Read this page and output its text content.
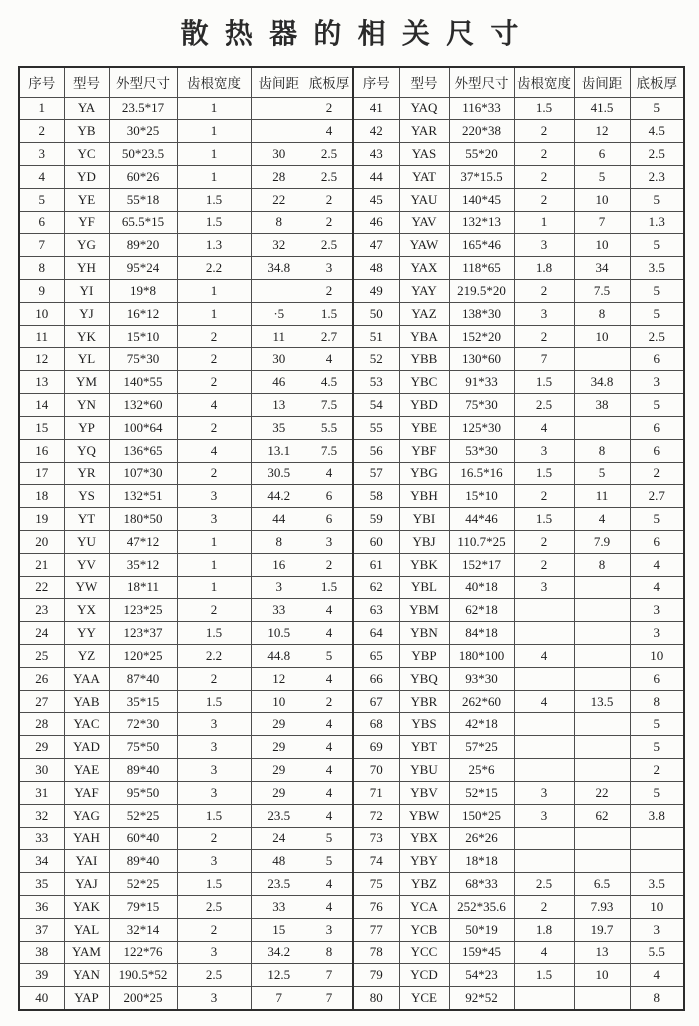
散热器的相关尺寸
序号	型号	外型尺寸	齿根宽度	齿间距	底板厚	序号	型号	外型尺寸	齿根宽度	齿间距	底板厚
1	YA	23.5*17	1		2	41	YAQ	116*33	1.5	41.5	5
2	YB	30*25	1		4	42	YAR	220*38	2	12	4.5
3	YC	50*23.5	1	30	2.5	43	YAS	55*20	2	6	2.5
4	YD	60*26	1	28	2.5	44	YAT	37*15.5	2	5	2.3
5	YE	55*18	1.5	22	2	45	YAU	140*45	2	10	5
6	YF	65.5*15	1.5	8	2	46	YAV	132*13	1	7	1.3
7	YG	89*20	1.3	32	2.5	47	YAW	165*46	3	10	5
8	YH	95*24	2.2	34.8	3	48	YAX	118*65	1.8	34	3.5
9	YI	19*8	1		2	49	YAY	219.5*20	2	7.5	5
10	YJ	16*12	1	·5	1.5	50	YAZ	138*30	3	8	5
11	YK	15*10	2	11	2.7	51	YBA	152*20	2	10	2.5
12	YL	75*30	2	30	4	52	YBB	130*60	7		6
13	YM	140*55	2	46	4.5	53	YBC	91*33	1.5	34.8	3
14	YN	132*60	4	13	7.5	54	YBD	75*30	2.5	38	5
15	YP	100*64	2	35	5.5	55	YBE	125*30	4		6
16	YQ	136*65	4	13.1	7.5	56	YBF	53*30	3	8	6
17	YR	107*30	2	30.5	4	57	YBG	16.5*16	1.5	5	2
18	YS	132*51	3	44.2	6	58	YBH	15*10	2	11	2.7
19	YT	180*50	3	44	6	59	YBI	44*46	1.5	4	5
20	YU	47*12	1	8	3	60	YBJ	110.7*25	2	7.9	6
21	YV	35*12	1	16	2	61	YBK	152*17	2	8	4
22	YW	18*11	1	3	1.5	62	YBL	40*18	3		4
23	YX	123*25	2	33	4	63	YBM	62*18			3
24	YY	123*37	1.5	10.5	4	64	YBN	84*18			3
25	YZ	120*25	2.2	44.8	5	65	YBP	180*100	4		10
26	YAA	87*40	2	12	4	66	YBQ	93*30			6
27	YAB	35*15	1.5	10	2	67	YBR	262*60	4	13.5	8
28	YAC	72*30	3	29	4	68	YBS	42*18			5
29	YAD	75*50	3	29	4	69	YBT	57*25			5
30	YAE	89*40	3	29	4	70	YBU	25*6			2
31	YAF	95*50	3	29	4	71	YBV	52*15	3	22	5
32	YAG	52*25	1.5	23.5	4	72	YBW	150*25	3	62	3.8
33	YAH	60*40	2	24	5	73	YBX	26*26			
34	YAI	89*40	3	48	5	74	YBY	18*18			
35	YAJ	52*25	1.5	23.5	4	75	YBZ	68*33	2.5	6.5	3.5
36	YAK	79*15	2.5	33	4	76	YCA	252*35.6	2	7.93	10
37	YAL	32*14	2	15	3	77	YCB	50*19	1.8	19.7	3
38	YAM	122*76	3	34.2	8	78	YCC	159*45	4	13	5.5
39	YAN	190.5*52	2.5	12.5	7	79	YCD	54*23	1.5	10	4
40	YAP	200*25	3	7	7	80	YCE	92*52			8
